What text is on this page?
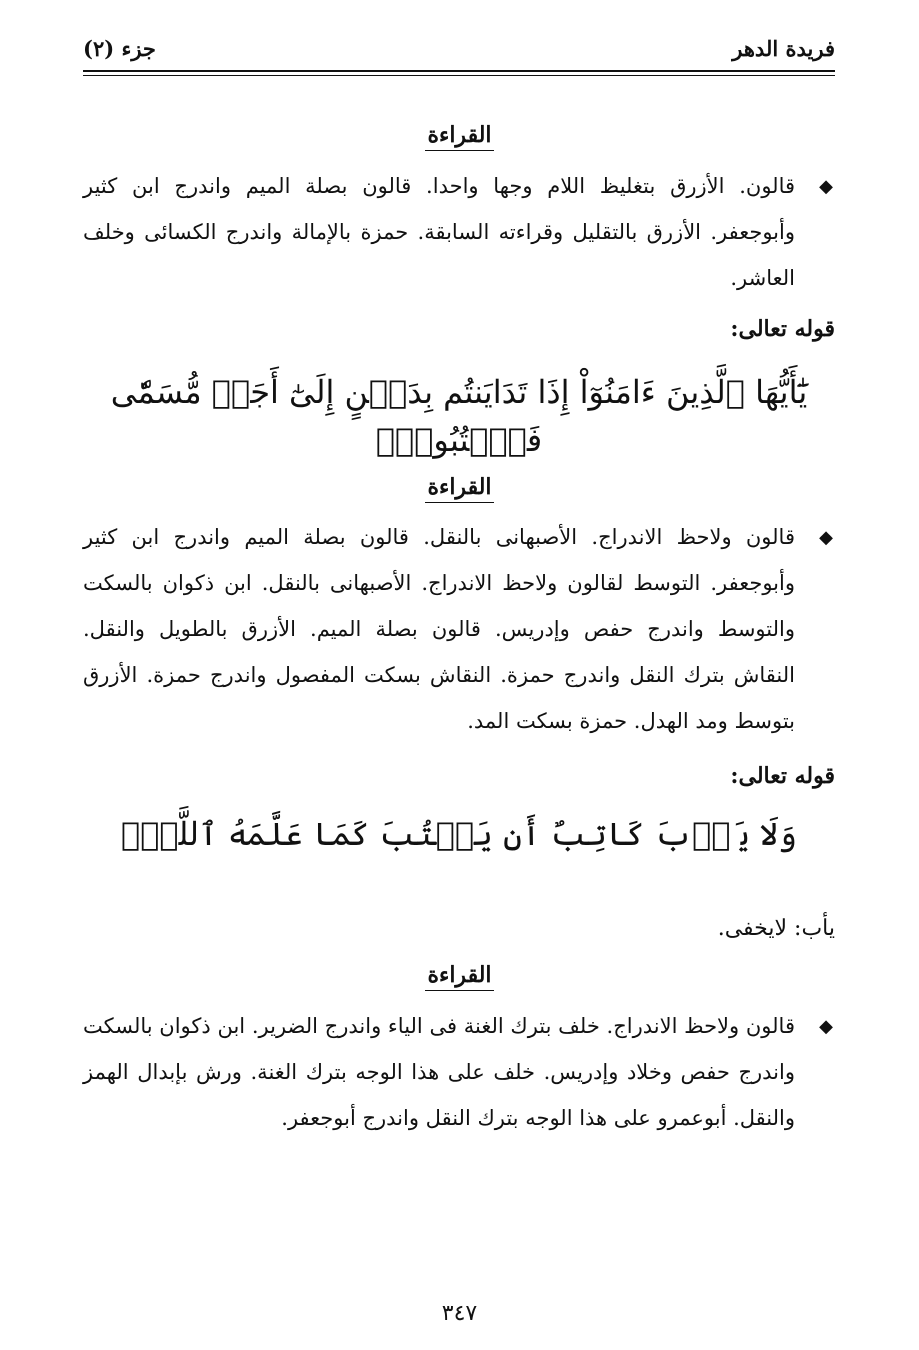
فريدة الدهر
جزء (٢)
القراءة
◆
قالون. الأزرق بتغليظ اللام وجها واحدا. قالون بصلة الميم واندرج ابن كثير وأبوجعفر. الأزرق بالتقليل وقراءته السابقة. حمزة بالإمالة واندرج الكسائى وخلف العاشر.
قوله تعالى:
يَٰٓأَيُّهَا ٱلَّذِينَ ءَامَنُوٓاْ إِذَا تَدَايَنتُم بِدَيۡنٍ إِلَىٰٓ أَجَلٖ مُّسَمّٗى فَٱكۡتُبُوهُۚ
القراءة
◆
قالون ولاحظ الاندراج. الأصبهانى بالنقل. قالون بصلة الميم واندرج ابن كثير وأبوجعفر. التوسط لقالون ولاحظ الاندراج. الأصبهانى بالنقل. ابن ذكوان بالسكت والتوسط واندرج حفص وإدريس. قالون بصلة الميم. الأزرق بالطويل والنقل. النقاش بترك النقل واندرج حمزة. النقاش بسكت المفصول واندرج حمزة. الأزرق بتوسط ومد الهدل. حمزة بسكت المد.
قوله تعالى:
وَلَا يَأۡبَ كَاتِبٌ أَن يَكۡتُبَ كَمَا عَلَّمَهُ ٱللَّهُۚ
يأب: لايخفى.
القراءة
◆
قالون ولاحظ الاندراج. خلف بترك الغنة فى الياء واندرج الضرير. ابن ذكوان بالسكت واندرج حفص وخلاد وإدريس. خلف على هذا الوجه بترك الغنة. ورش بإبدال الهمز والنقل. أبوعمرو على هذا الوجه بترك النقل واندرج أبوجعفر.
٣٤٧
